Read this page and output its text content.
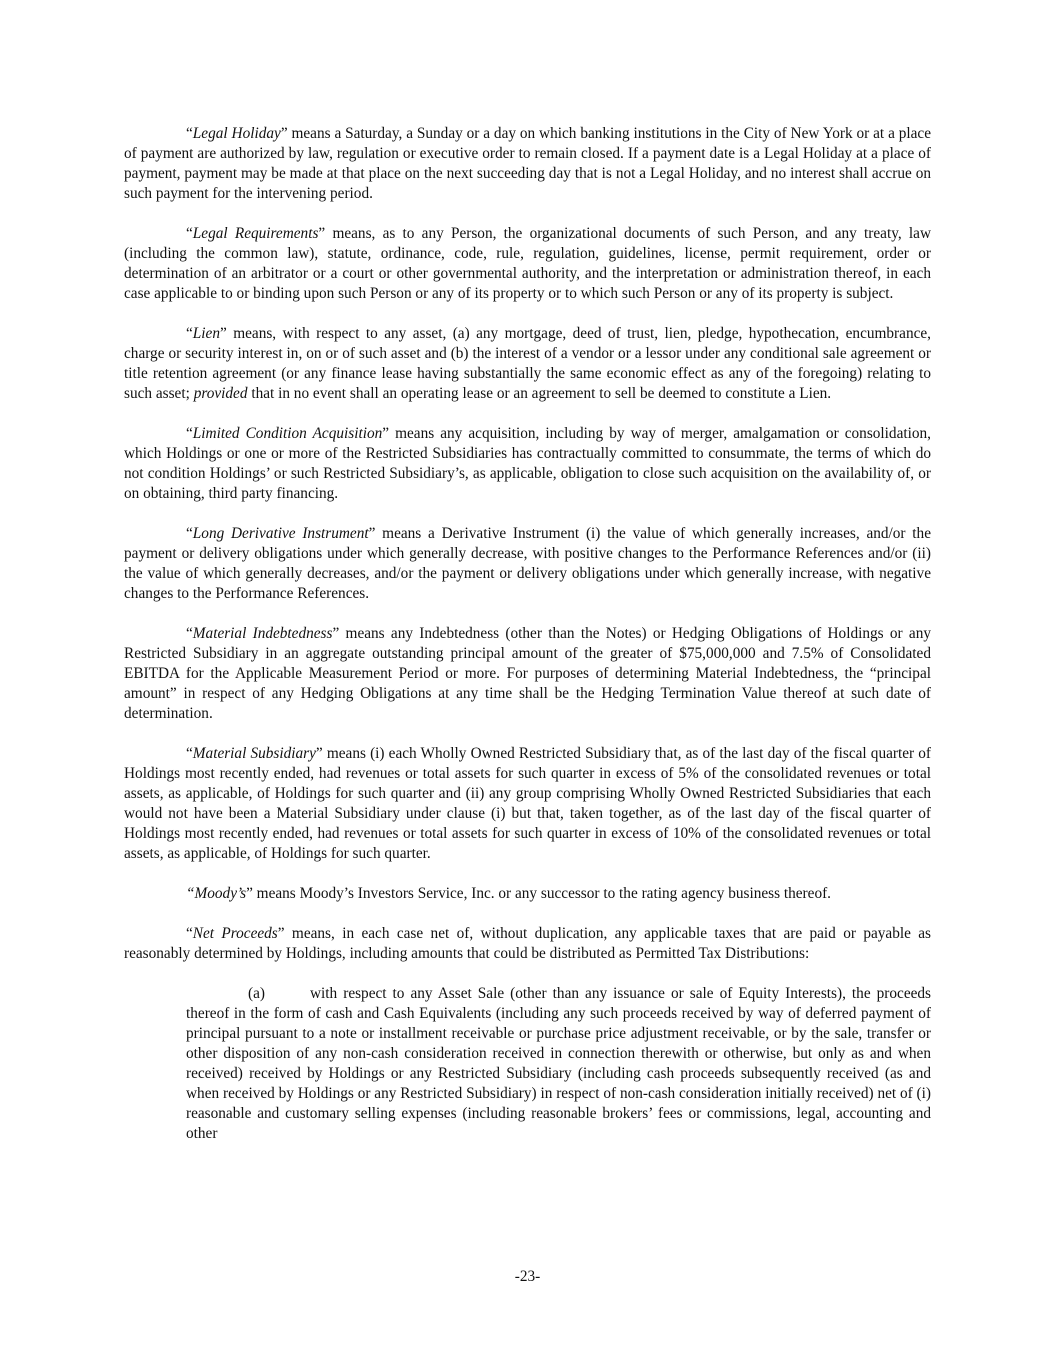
“Legal Holiday” means a Saturday, a Sunday or a day on which banking institutions in the City of New York or at a place of payment are authorized by law, regulation or executive order to remain closed. If a payment date is a Legal Holiday at a place of payment, payment may be made at that place on the next succeeding day that is not a Legal Holiday, and no interest shall accrue on such payment for the intervening period.

“Legal Requirements” means, as to any Person, the organizational documents of such Person, and any treaty, law (including the common law), statute, ordinance, code, rule, regulation, guidelines, license, permit requirement, order or determination of an arbitrator or a court or other governmental authority, and the interpretation or administration thereof, in each case applicable to or binding upon such Person or any of its property or to which such Person or any of its property is subject.

“Lien” means, with respect to any asset, (a) any mortgage, deed of trust, lien, pledge, hypothecation, encumbrance, charge or security interest in, on or of such asset and (b) the interest of a vendor or a lessor under any conditional sale agreement or title retention agreement (or any finance lease having substantially the same economic effect as any of the foregoing) relating to such asset; provided that in no event shall an operating lease or an agreement to sell be deemed to constitute a Lien.

“Limited Condition Acquisition” means any acquisition, including by way of merger, amalgamation or consolidation, which Holdings or one or more of the Restricted Subsidiaries has contractually committed to consummate, the terms of which do not condition Holdings’ or such Restricted Subsidiary’s, as applicable, obligation to close such acquisition on the availability of, or on obtaining, third party financing.

“Long Derivative Instrument” means a Derivative Instrument (i) the value of which generally increases, and/or the payment or delivery obligations under which generally decrease, with positive changes to the Performance References and/or (ii) the value of which generally decreases, and/or the payment or delivery obligations under which generally increase, with negative changes to the Performance References.

“Material Indebtedness” means any Indebtedness (other than the Notes) or Hedging Obligations of Holdings or any Restricted Subsidiary in an aggregate outstanding principal amount of the greater of $75,000,000 and 7.5% of Consolidated EBITDA for the Applicable Measurement Period or more. For purposes of determining Material Indebtedness, the “principal amount” in respect of any Hedging Obligations at any time shall be the Hedging Termination Value thereof at such date of determination.

“Material Subsidiary” means (i) each Wholly Owned Restricted Subsidiary that, as of the last day of the fiscal quarter of Holdings most recently ended, had revenues or total assets for such quarter in excess of 5% of the consolidated revenues or total assets, as applicable, of Holdings for such quarter and (ii) any group comprising Wholly Owned Restricted Subsidiaries that each would not have been a Material Subsidiary under clause (i) but that, taken together, as of the last day of the fiscal quarter of Holdings most recently ended, had revenues or total assets for such quarter in excess of 10% of the consolidated revenues or total assets, as applicable, of Holdings for such quarter.

“Moody’s” means Moody’s Investors Service, Inc. or any successor to the rating agency business thereof.

“Net Proceeds” means, in each case net of, without duplication, any applicable taxes that are paid or payable as reasonably determined by Holdings, including amounts that could be distributed as Permitted Tax Distributions:

(a)	with respect to any Asset Sale (other than any issuance or sale of Equity Interests), the proceeds thereof in the form of cash and Cash Equivalents (including any such proceeds received by way of deferred payment of principal pursuant to a note or installment receivable or purchase price adjustment receivable, or by the sale, transfer or other disposition of any non-cash consideration received in connection therewith or otherwise, but only as and when received) received by Holdings or any Restricted Subsidiary (including cash proceeds subsequently received (as and when received by Holdings or any Restricted Subsidiary) in respect of non-cash consideration initially received) net of (i) reasonable and customary selling expenses (including reasonable brokers’ fees or commissions, legal, accounting and other

-23-
